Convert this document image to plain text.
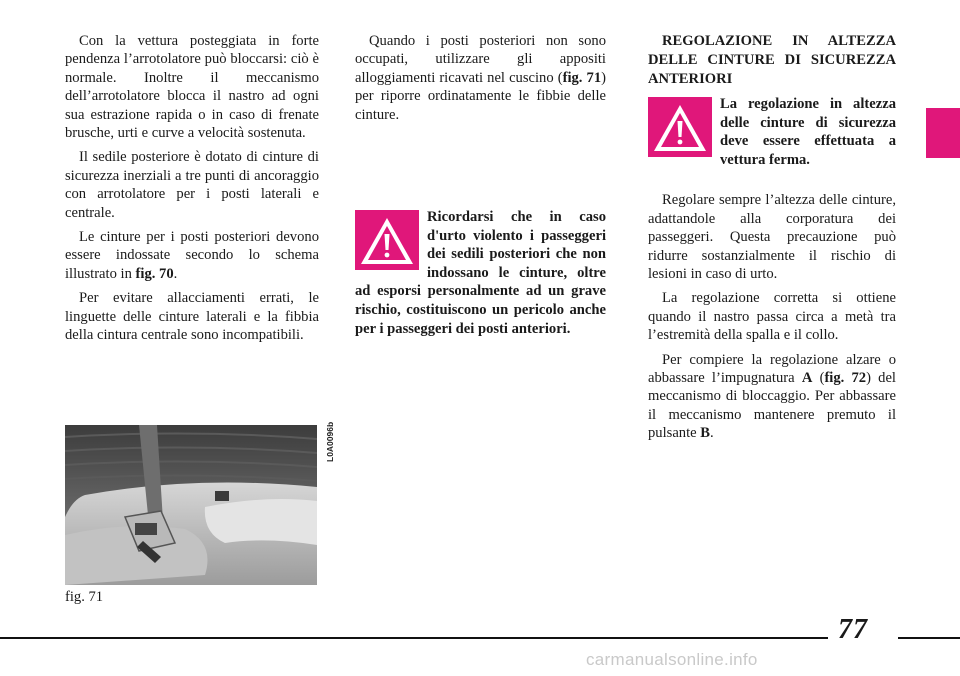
Con la vettura posteggiata in forte pendenza l’arrotolatore può bloccarsi: ciò è normale. Inoltre il meccanismo dell’arrotolatore blocca il nastro ad ogni sua estrazione rapida o in caso di frenate brusche, urti e curve a velocità sostenuta.

Il sedile posteriore è dotato di cinture di sicurezza inerziali a tre punti di ancoraggio con arrotolatore per i posti laterali e centrale.

Le cinture per i posti posteriori devono essere indossate secondo lo schema illustrato in fig. 70.

Per evitare allacciamenti errati, le linguette delle cinture laterali e la fibbia della cintura centrale sono incompatibili.

Quando i posti posteriori non sono occupati, utilizzare gli appositi alloggiamenti ricavati nel cuscino (fig. 71) per riporre ordinatamente le fibbie delle cinture.

Ricordarsi che in caso d'urto violento i passeggeri dei sedili posteriori che non indossano le cinture, oltre ad esporsi personalmente ad un grave rischio, costituiscono un pericolo anche per i passeggeri dei posti anteriori.

REGOLAZIONE IN ALTEZZA DELLE CINTURE DI SICUREZZA ANTERIORI

La regolazione in altezza delle cinture di sicurezza deve essere effettuata a vettura ferma.

Regolare sempre l’altezza delle cinture, adattandole alla corporatura dei passeggeri. Questa precauzione può ridurre sostanzialmente il rischio di lesioni in caso di urto.

La regolazione corretta si ottiene quando il nastro passa circa a metà tra l’estremità della spalla e il collo.

Per compiere la regolazione alzare o abbassare l’impugnatura A (fig. 72) del meccanismo di bloccaggio. Per abbassare il meccanismo mantenere premuto il pulsante B.

L0A0096b
fig. 71
77
carmanualsonline.info
